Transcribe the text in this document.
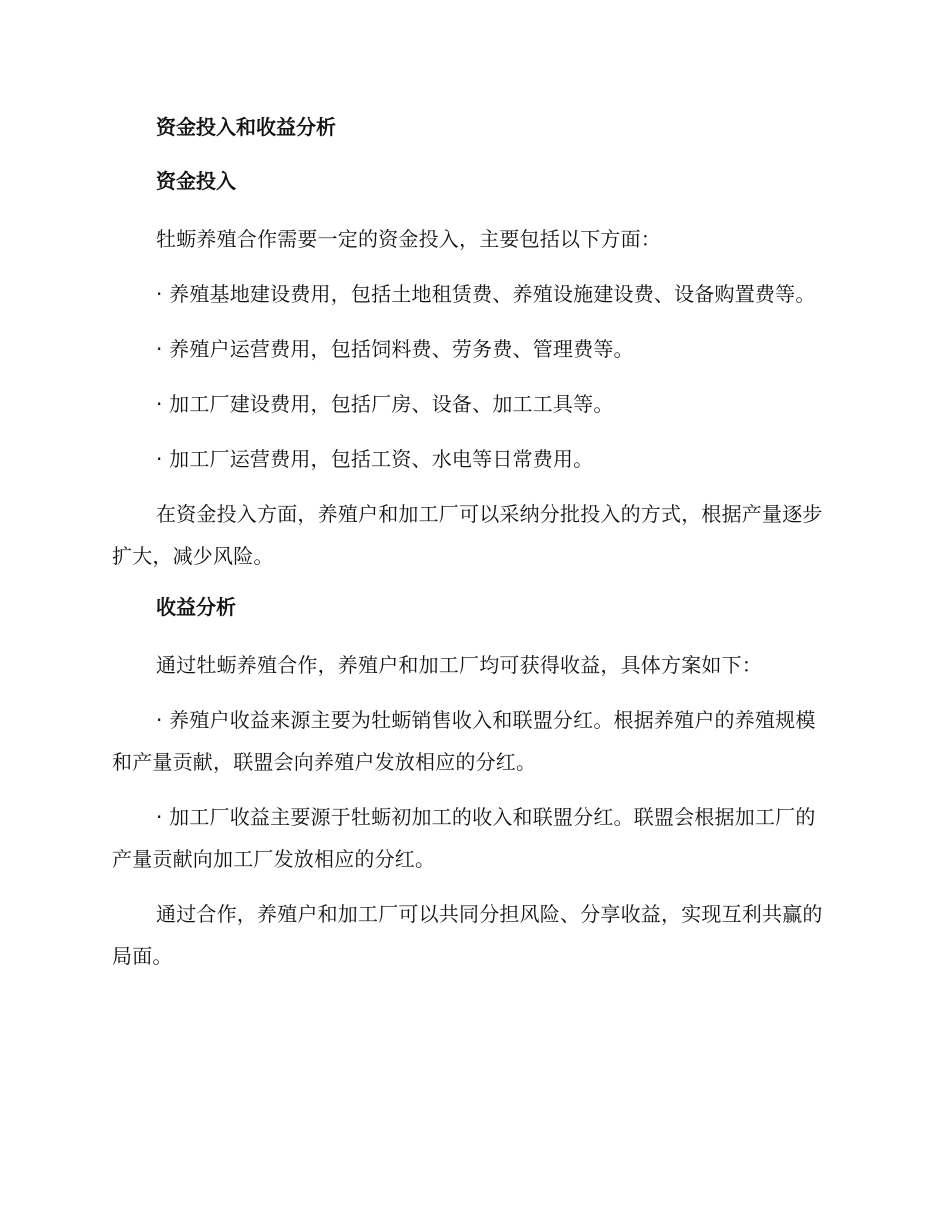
资金投入和收益分析
资金投入

牡蛎养殖合作需要一定的资金投入，主要包括以下方面：

· 养殖基地建设费用，包括土地租赁费、养殖设施建设费、设备购置费等。

· 养殖户运营费用，包括饲料费、劳务费、管理费等。

· 加工厂建设费用，包括厂房、设备、加工工具等。

· 加工厂运营费用，包括工资、水电等日常费用。

在资金投入方面，养殖户和加工厂可以采纳分批投入的方式，根据产量逐步扩大，减少风险。

收益分析

通过牡蛎养殖合作，养殖户和加工厂均可获得收益，具体方案如下：

· 养殖户收益来源主要为牡蛎销售收入和联盟分红。根据养殖户的养殖规模和产量贡献，联盟会向养殖户发放相应的分红。

· 加工厂收益主要源于牡蛎初加工的收入和联盟分红。联盟会根据加工厂的产量贡献向加工厂发放相应的分红。

通过合作，养殖户和加工厂可以共同分担风险、分享收益，实现互利共赢的局面。
